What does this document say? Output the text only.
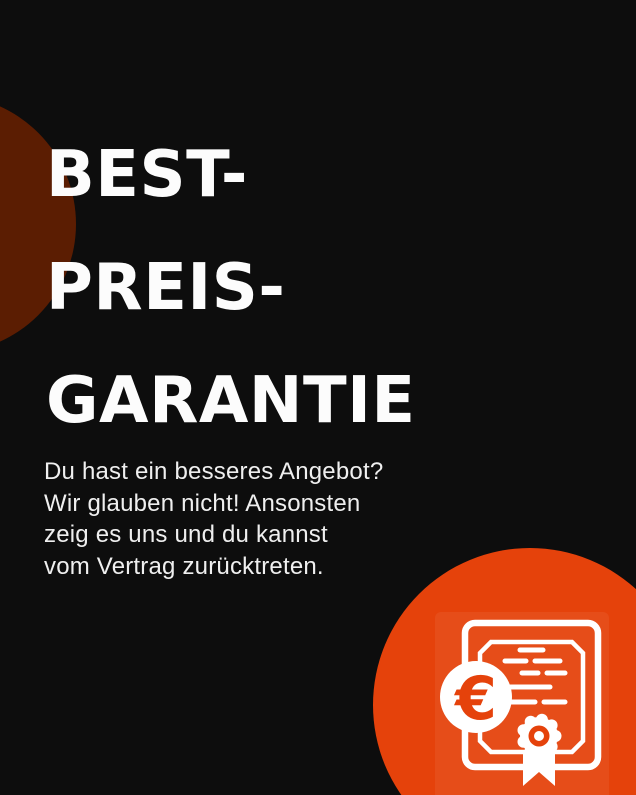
€
BEST-
PREIS-
GARANTIE
Du hast ein besseres Angebot?
Wir glauben nicht! Ansonsten
zeig es uns und du kannst
vom Vertrag zurücktreten.
